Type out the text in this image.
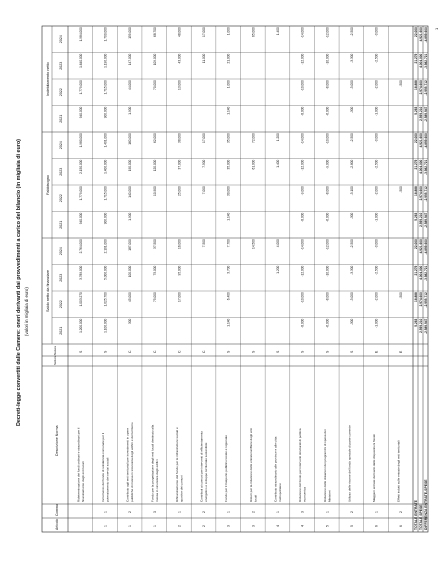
Decreti-legge convertiti dalle Camere: oneri derivanti dai provvedimenti a carico del bilancio (in migliaia di euro) (valori in migliaia di euro)
Articolo
Comma
Descrizione Norma
Settore
Natura
Saldo netto da finanziare
2021
2022
2023
2024
Fabbisogno
2021
2022
2023
2024
Indebitamento netto
2021
2022
2023
2024
Rideterminazione dei fondi ordinari e straordinari per il finanziamento degli enti locali
S
1.200.000
1.003.270
3.789.000
2.764.000
940.000
1.779.000
2.150.000
1.980.000
940.000
1.779.000
1.640.000
1.984.000
1
1
Incremento del fondo di solidarieta comunale per il potenziamento dei servizi sociali
S
1.100.000
1.025.700
5.000.000
2.101.000
900.000
1.715.000
1.400.000
1.401.000
900.000
1.715.000
1.190.000
1.700.000
1
2
Contributo agli enti territoriali per investimenti in opere pubbliche di messa in sicurezza degli edifici e del territorio
C
300
45.000
100.000
187.000
1.900
140.000
190.000
160.000
1.900
44.000
147.000
159.000
1
3
Fondo per la progettazione degli enti locali destinato alla messa in sicurezza degli edifici
C
75.000
75.000
37.500
10.900
120.000
62.000
70.000
109.000
68.700
2
1
Rifinanziamento del fondo per le infrastrutture sociali e sportive dei comuni
C
17.000
95.000
16.000
25.000
37.000
38.000
13.000
43.000
48.000
2
2
Contributi ai comuni per interventi di efficientamento energetico e sviluppo territoriale sostenibile
C
7.500
7.000
7.500
17.000
11.000
17.000
3
1
Fondo per il trasporto pubblico locale e regionale
S
1.140
6.400
3.700
7.700
1.140
30.000
35.000
35.000
1.140
1.000
21.000
1.000
3
2
Ristori per la riduzione delle entrate tariffarie degli enti locali
S
14.500
61.000
72.000
65.000
4
1
Contributo straordinario alle province e alle citta metropolitane
S
1.200
4.000
1.400
1.200
1.400
4
3
Riduzione del fondo per interventi strutturali di politica economica
S
-8.000
-10.000
-12.000
-14.000
-8.000
-9.000
-12.000
-14.000
-8.000
-10.000
-12.000
-14.000
5
1
Riduzione delle dotazioni dei programmi di spesa dei Ministeri
S
-6.000
-8.000
-10.000
-12.000
-6.000
-8.000
-9.000
-10.000
-6.000
-8.000
-10.000
-12.000
5
2
Utilizzo delle risorse del fondo speciale di parte corrente
S
-300
-3.000
-3.300
-2.500
-300
-3.100
-2.800
-2.500
-300
-3.000
-3.300
-2.500
6
1
Maggiori entrate derivanti dalle disposizioni fiscali
E
-1.000
-2.000
-2.500
-3.000
-1.000
-2.000
-2.500
-3.000
-1.000
-2.000
-2.500
-3.000
6
2
Effetti indotti sulle entrate degli enti territoriali
E
-500
-500
-500
TOTALE ENTRATE
5.263
18.888
21.279
22.000
5.263
18.888
21.279
22.000
5.263
18.888
21.279
22.000
TOTALE SPESE
2.595.210
2.974.600
4.004.000
4.921.600
2.595.210
2.974.600
4.004.000
4.921.600
2.595.210
2.974.600
4.004.000
4.921.600
DIFFERENZA ENTRATE-SPESE
-2.589.947
-2.955.712
-3.982.721
-4.899.600
-2.589.947
-2.955.712
-3.982.721
-4.899.600
-2.589.947
-2.955.712
-3.982.721
-4.899.600 1
